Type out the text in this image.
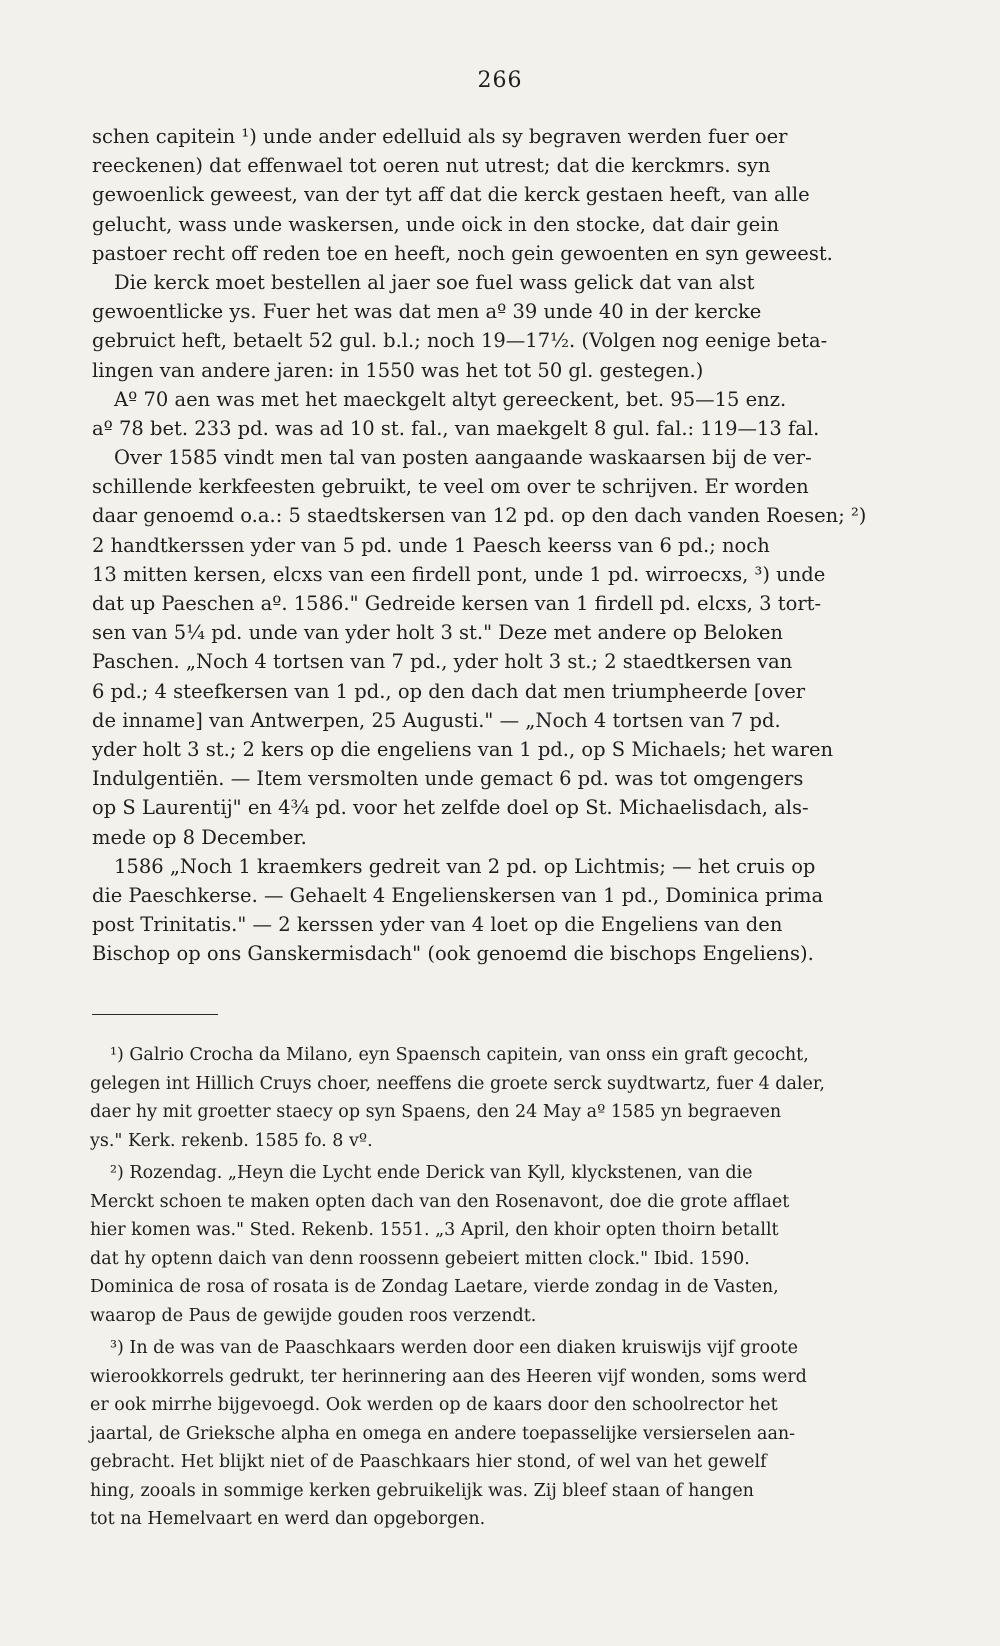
266
schen capitein ¹) unde ander edelluid als sy begraven werden fuer oer
reeckenen) dat effenwael tot oeren nut utrest; dat die kerckmrs. syn
gewoenlick geweest, van der tyt aff dat die kerck gestaen heeft, van alle
gelucht, wass unde waskersen, unde oick in den stocke, dat dair gein
pastoer recht off reden toe en heeft, noch gein gewoenten en syn geweest.
Die kerck moet bestellen al jaer soe fuel wass gelick dat van alst
gewoentlicke ys. Fuer het was dat men aº 39 unde 40 in der kercke
gebruict heft, betaelt 52 gul. b.l.; noch 19—17½. (Volgen nog eenige beta-
lingen van andere jaren: in 1550 was het tot 50 gl. gestegen.)
Aº 70 aen was met het maeckgelt altyt gereeckent, bet. 95—15 enz.
aº 78 bet. 233 pd. was ad 10 st. fal., van maekgelt 8 gul. fal.: 119—13 fal.
Over 1585 vindt men tal van posten aangaande waskaarsen bij de ver-
schillende kerkfeesten gebruikt, te veel om over te schrijven. Er worden
daar genoemd o.a.: 5 staedtskersen van 12 pd. op den dach vanden Roesen; ²)
2 handtkerssen yder van 5 pd. unde 1 Paesch keerss van 6 pd.; noch
13 mitten kersen, elcxs van een firdell pont, unde 1 pd. wirroecxs, ³) unde
dat up Paeschen aº. 1586." Gedreide kersen van 1 firdell pd. elcxs, 3 tort-
sen van 5¼ pd. unde van yder holt 3 st." Deze met andere op Beloken
Paschen. „Noch 4 tortsen van 7 pd., yder holt 3 st.; 2 staedtkersen van
6 pd.; 4 steefkersen van 1 pd., op den dach dat men triumpheerde [over
de inname] van Antwerpen, 25 Augusti." — „Noch 4 tortsen van 7 pd.
yder holt 3 st.; 2 kers op die engeliens van 1 pd., op S Michaels; het waren
Indulgentiën. — Item versmolten unde gemact 6 pd. was tot omgengers
op S Laurentij" en 4¾ pd. voor het zelfde doel op St. Michaelisdach, als-
mede op 8 December.
1586 „Noch 1 kraemkers gedreit van 2 pd. op Lichtmis; — het cruis op
die Paeschkerse. — Gehaelt 4 Engelienskersen van 1 pd., Dominica prima
post Trinitatis." — 2 kerssen yder van 4 loet op die Engeliens van den
Bischop op ons Ganskermisdach" (ook genoemd die bischops Engeliens).
¹) Galrio Crocha da Milano, eyn Spaensch capitein, van onss ein graft gecocht,
gelegen int Hillich Cruys choer, neeffens die groete serck suydtwartz, fuer 4 daler,
daer hy mit groetter staecy op syn Spaens, den 24 May aº 1585 yn begraeven
ys." Kerk. rekenb. 1585 fo. 8 vº.
²) Rozendag. „Heyn die Lycht ende Derick van Kyll, klyckstenen, van die
Merckt schoen te maken opten dach van den Rosenavont, doe die grote afflaet
hier komen was." Sted. Rekenb. 1551. „3 April, den khoir opten thoirn betallt
dat hy optenn daich van denn roossenn gebeiert mitten clock." Ibid. 1590.
Dominica de rosa of rosata is de Zondag Laetare, vierde zondag in de Vasten,
waarop de Paus de gewijde gouden roos verzendt.
³) In de was van de Paaschkaars werden door een diaken kruiswijs vijf groote
wierookkorrels gedrukt, ter herinnering aan des Heeren vijf wonden, soms werd
er ook mirrhe bijgevoegd. Ook werden op de kaars door den schoolrector het
jaartal, de Grieksche alpha en omega en andere toepasselijke versierselen aan-
gebracht. Het blijkt niet of de Paaschkaars hier stond, of wel van het gewelf
hing, zooals in sommige kerken gebruikelijk was. Zij bleef staan of hangen
tot na Hemelvaart en werd dan opgeborgen.
